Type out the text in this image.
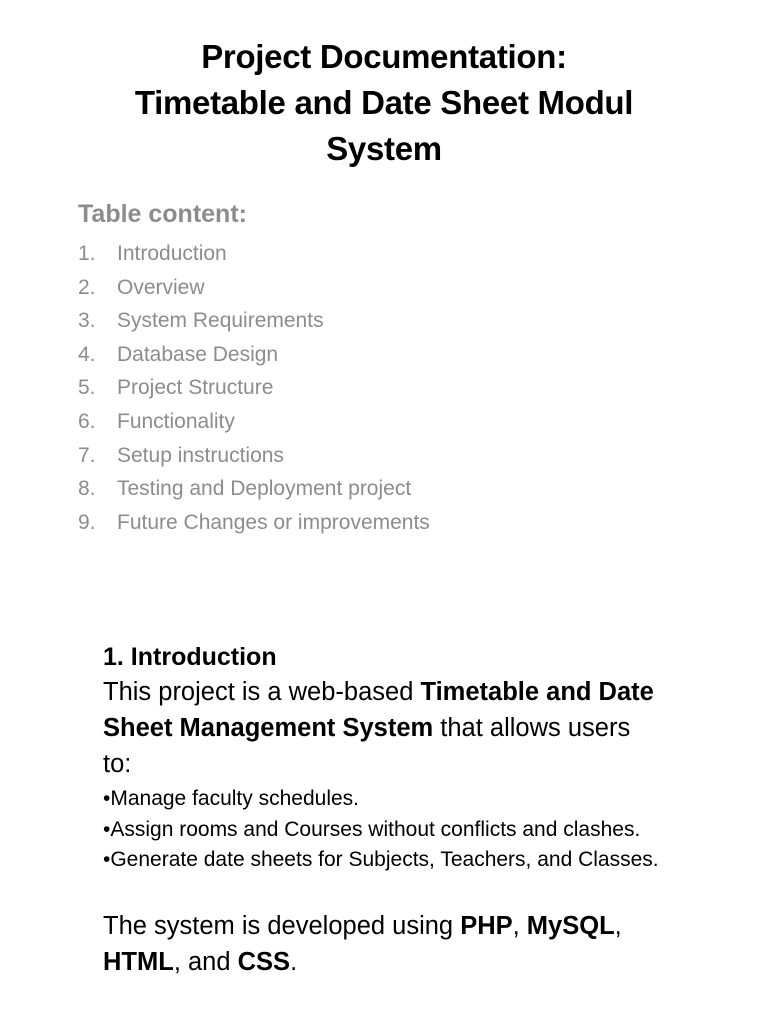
Project Documentation:
Timetable and Date Sheet Modul
System
Table content:
1. Introduction
2. Overview
3. System Requirements
4. Database Design
5. Project Structure
6. Functionality
7. Setup instructions
8. Testing and Deployment project
9. Future Changes or improvements
1. Introduction
This project is a web-based Timetable and Date Sheet Management System that allows users to:
•Manage faculty schedules.
•Assign rooms and Courses without conflicts and clashes.
•Generate date sheets for Subjects, Teachers, and Classes.
The system is developed using PHP, MySQL, HTML, and CSS.
